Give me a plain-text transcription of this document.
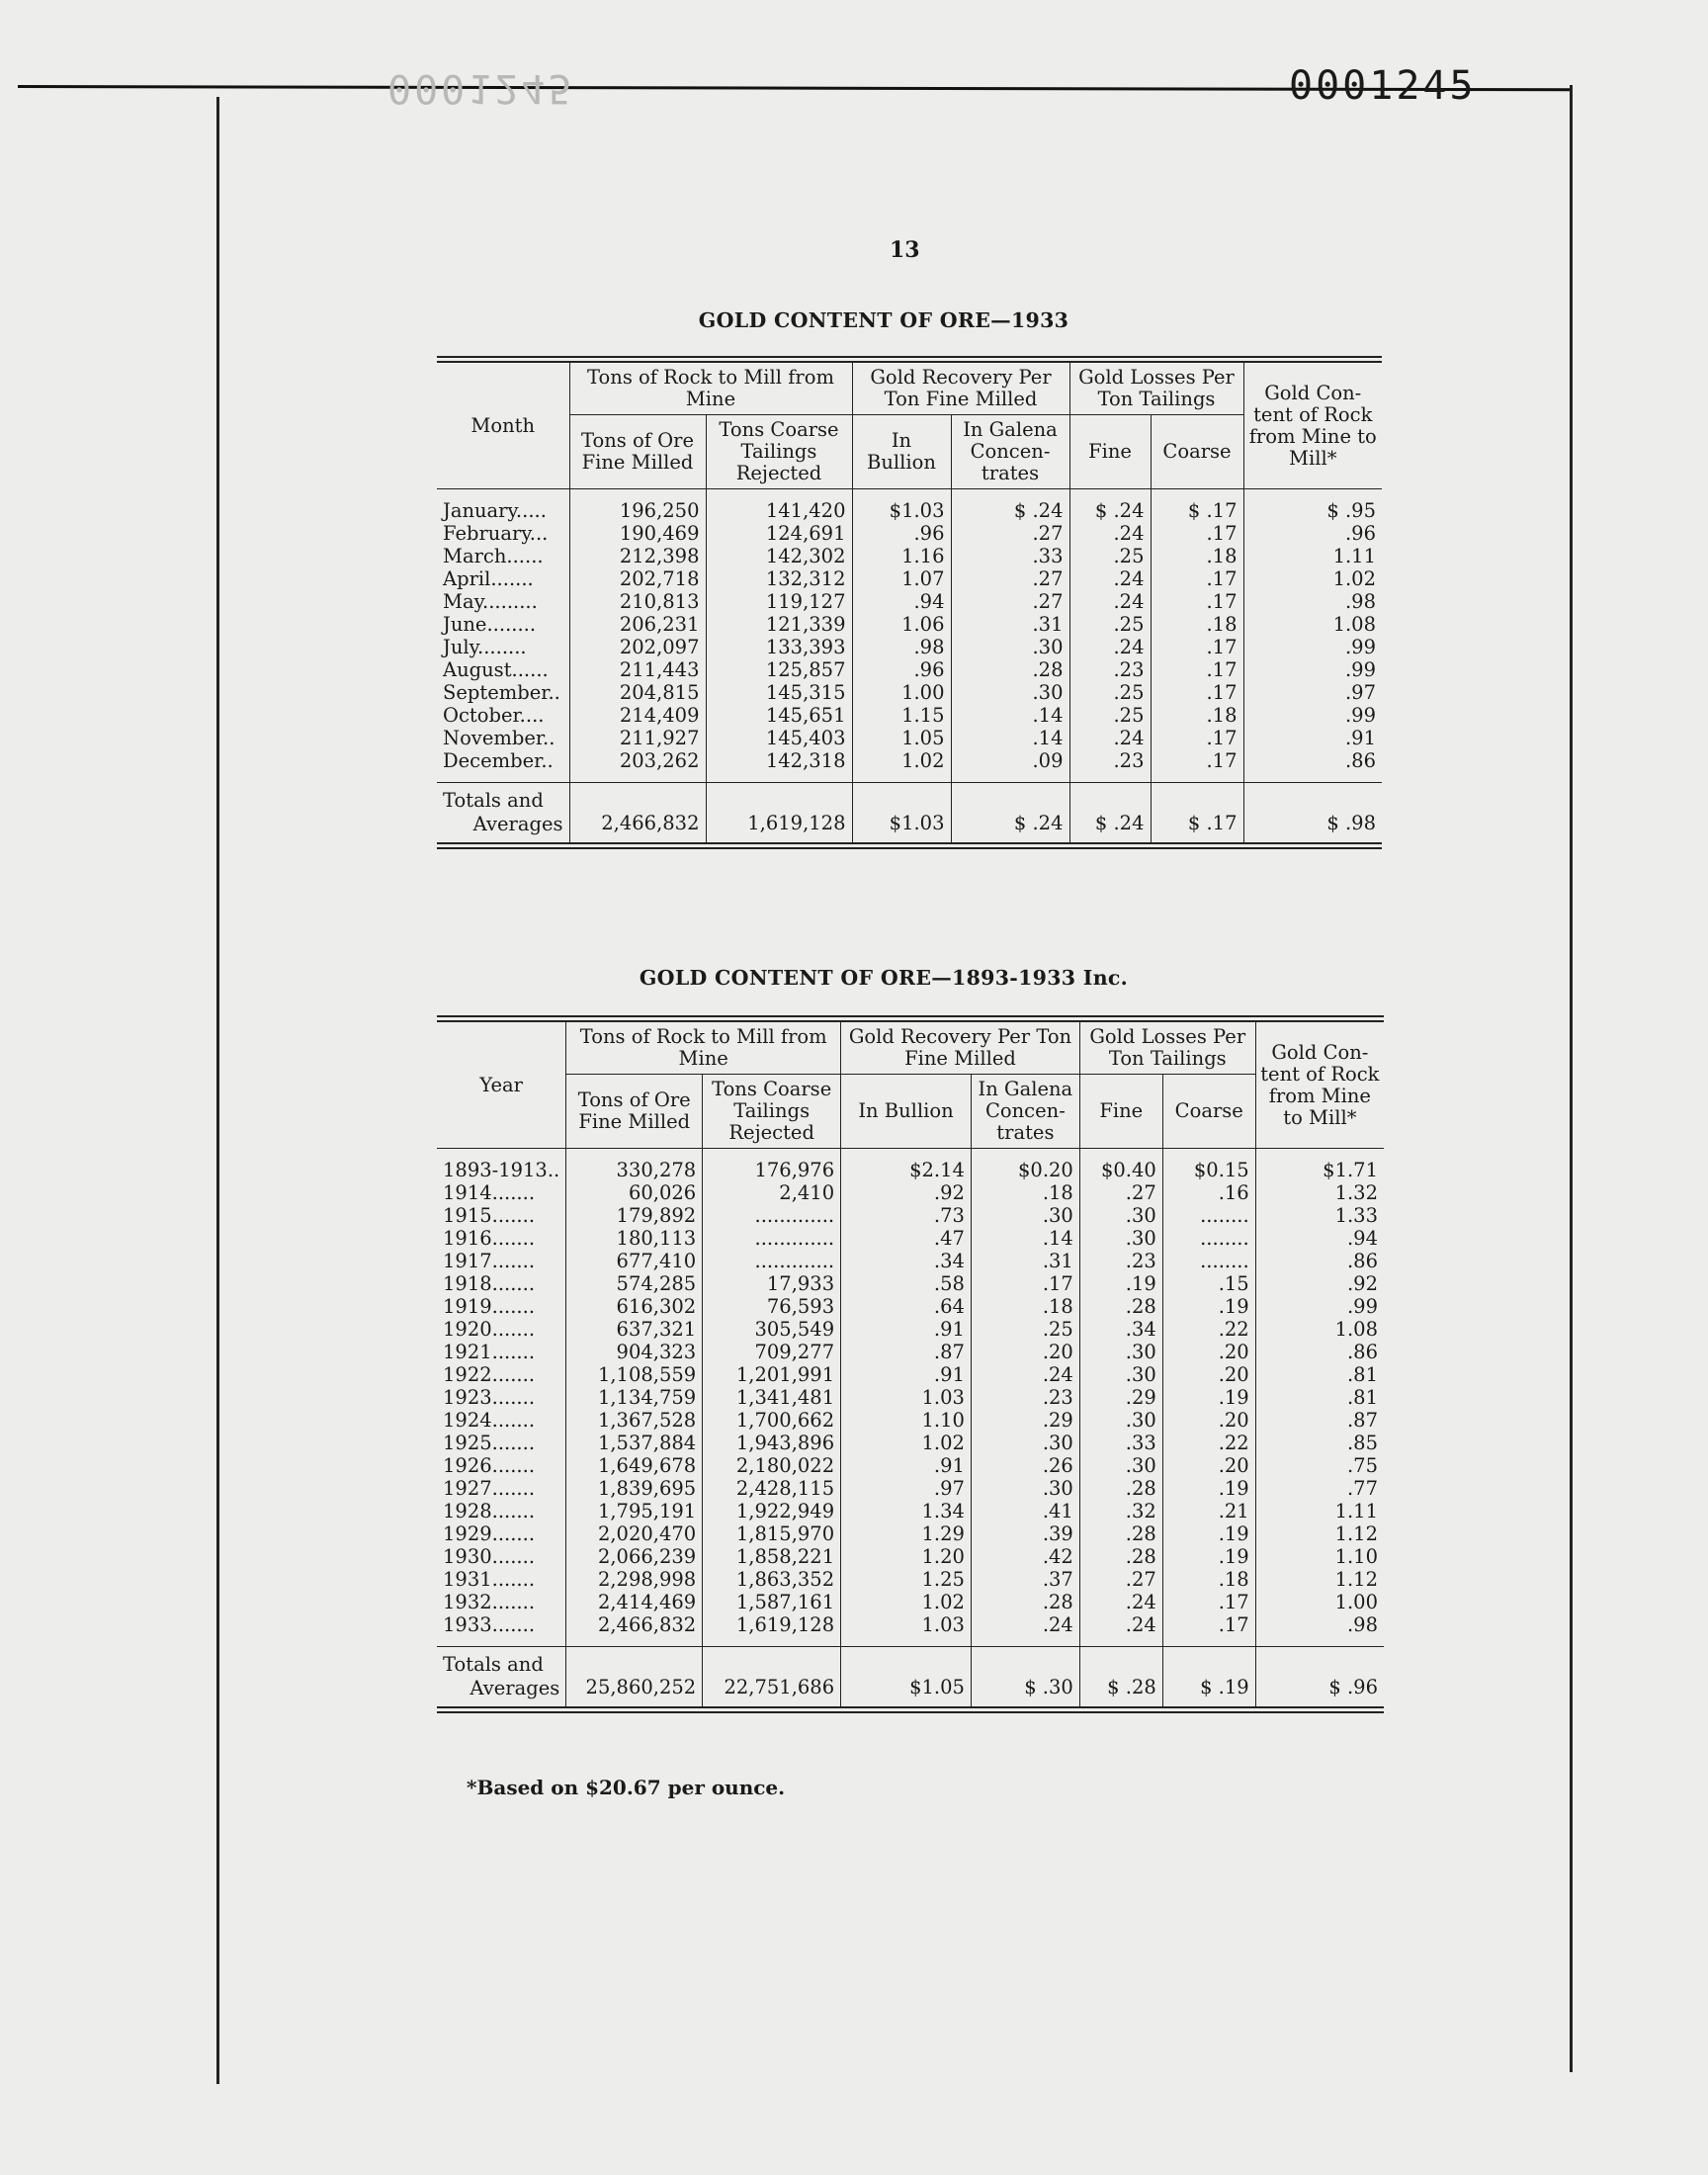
0001245	0001245
13
GOLD CONTENT OF ORE—1933
Month	Tons of Rock to Mill from Mine		Gold Recovery Per Ton Fine Milled		Gold Losses Per Ton Tailings		Gold Con- tent of Rock from Mine to Mill*
	Tons of Ore Fine Milled	Tons Coarse Tailings Rejected	In Bullion	In Galena Concen- trates	Fine	Coarse	

January.....	196,250	141,420	$1.03	$ .24	$ .24	$ .17	$ .95
February...	190,469	124,691	.96	.27	.24	.17	.96
March......	212,398	142,302	1.16	.33	.25	.18	1.11
April.......	202,718	132,312	1.07	.27	.24	.17	1.02
May.........	210,813	119,127	.94	.27	.24	.17	.98
June........	206,231	121,339	1.06	.31	.25	.18	1.08
July........	202,097	133,393	.98	.30	.24	.17	.99
August......	211,443	125,857	.96	.28	.23	.17	.99
September..	204,815	145,315	1.00	.30	.25	.17	.97
October....	214,409	145,651	1.15	.14	.25	.18	.99
November..	211,927	145,403	1.05	.14	.24	.17	.91
December..	203,262	142,318	1.02	.09	.23	.17	.86

Totals and
Averages	2,466,832	1,619,128	$1.03	$ .24	$ .24	$ .17	$ .98
GOLD CONTENT OF ORE—1893-1933 Inc.
Year	Tons of Rock to Mill from Mine		Gold Recovery Per Ton Fine Milled		Gold Losses Per Ton Tailings		Gold Con- tent of Rock from Mine to Mill*
	Tons of Ore Fine Milled	Tons Coarse Tailings Rejected	In Bullion	In Galena Concen- trates	Fine	Coarse	

1893-1913..	330,278	176,976	$2.14	$0.20	$0.40	$0.15	$1.71
1914.......	60,026	2,410	.92	.18	.27	.16	1.32
1915.......	179,892	.............	.73	.30	.30	........	1.33
1916.......	180,113	.............	.47	.14	.30	........	.94
1917.......	677,410	.............	.34	.31	.23	........	.86
1918.......	574,285	17,933	.58	.17	.19	.15	.92
1919.......	616,302	76,593	.64	.18	.28	.19	.99
1920.......	637,321	305,549	.91	.25	.34	.22	1.08
1921.......	904,323	709,277	.87	.20	.30	.20	.86
1922.......	1,108,559	1,201,991	.91	.24	.30	.20	.81
1923.......	1,134,759	1,341,481	1.03	.23	.29	.19	.81
1924.......	1,367,528	1,700,662	1.10	.29	.30	.20	.87
1925.......	1,537,884	1,943,896	1.02	.30	.33	.22	.85
1926.......	1,649,678	2,180,022	.91	.26	.30	.20	.75
1927.......	1,839,695	2,428,115	.97	.30	.28	.19	.77
1928.......	1,795,191	1,922,949	1.34	.41	.32	.21	1.11
1929.......	2,020,470	1,815,970	1.29	.39	.28	.19	1.12
1930.......	2,066,239	1,858,221	1.20	.42	.28	.19	1.10
1931.......	2,298,998	1,863,352	1.25	.37	.27	.18	1.12
1932.......	2,414,469	1,587,161	1.02	.28	.24	.17	1.00
1933.......	2,466,832	1,619,128	1.03	.24	.24	.17	.98

Totals and
Averages	25,860,252	22,751,686	$1.05	$ .30	$ .28	$ .19	$ .96
*Based on $20.67 per ounce.
